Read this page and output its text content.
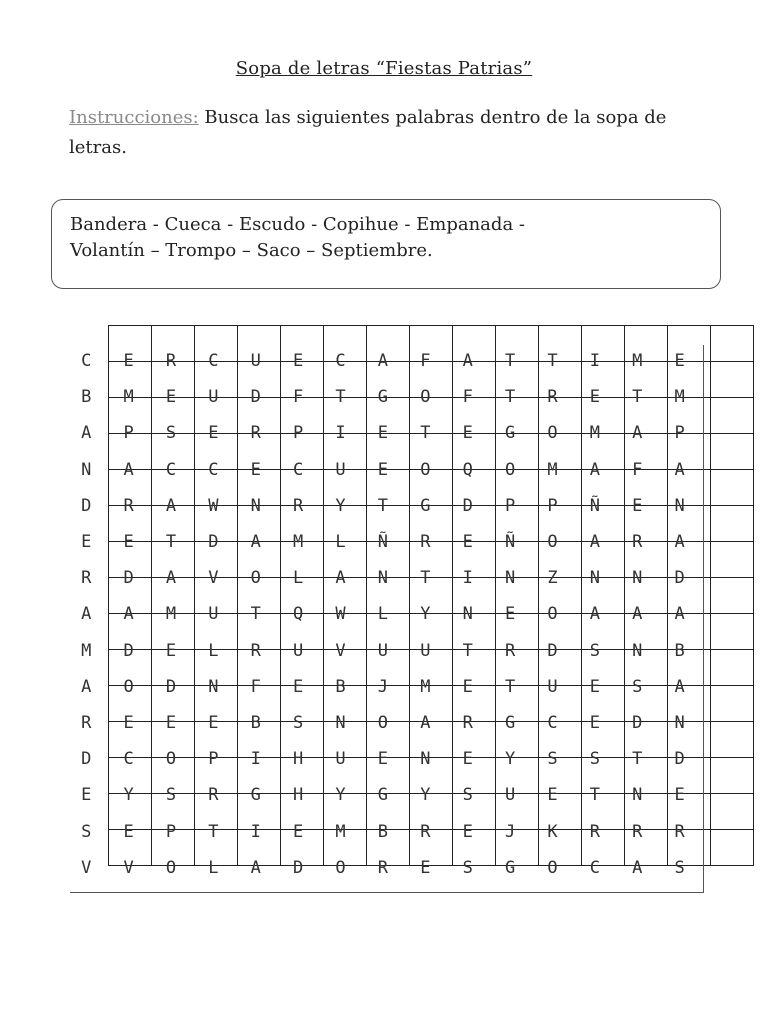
Sopa de letras “Fiestas Patrias”
Instrucciones: Busca las siguientes palabras dentro de la sopa de letras.
Bandera - Cueca - Escudo - Copihue - Empanada -
Volantín – Trompo – Saco – Septiembre.

C	E	R	C	U	E	C	A	F	A	T	T	I	M	E
B	M	E	U	D	F	T	G	O	F	T	R	E	T	M
A	P	S	E	R	P	I	E	T	E	G	O	M	A	P
N	A	C	C	E	C	U	E	O	Q	O	M	A	F	A
D	R	A	W	N	R	Y	T	G	D	P	P	Ñ	E	N
E	E	T	D	A	M	L	Ñ	R	E	Ñ	O	A	R	A
R	D	A	V	O	L	A	N	T	I	N	Z	N	N	D
A	A	M	U	T	Q	W	L	Y	N	E	O	A	A	A
M	D	E	L	R	U	V	U	U	T	R	D	S	N	B
A	O	D	N	F	E	B	J	M	E	T	U	E	S	A
R	E	E	E	B	S	N	O	A	R	G	C	E	D	N
D	C	O	P	I	H	U	E	N	E	Y	S	S	T	D
E	Y	S	R	G	H	Y	G	Y	S	U	E	T	N	E
S	E	P	T	I	E	M	B	R	E	J	K	R	R	R
V	V	O	L	A	D	O	R	E	S	G	O	C	A	S
